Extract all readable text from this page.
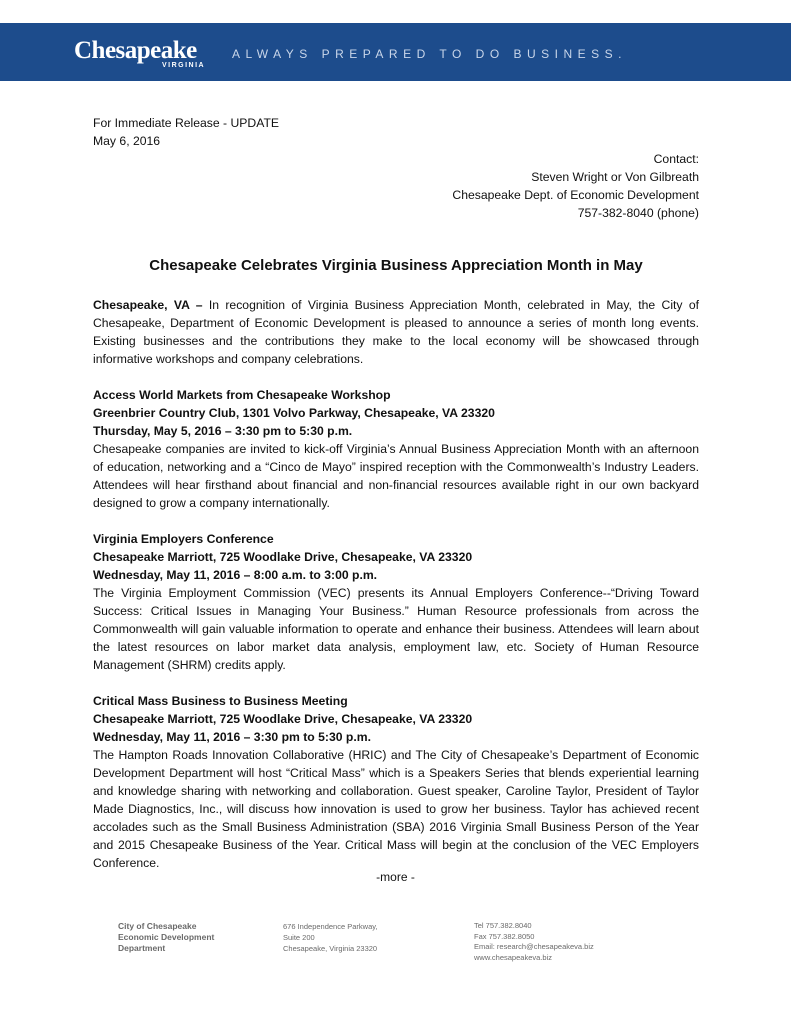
Chesapeake
VIRGINIA
ALWAYS PREPARED TO DO BUSINESS.

For Immediate Release - UPDATE

May 6, 2016

Contact:

Steven Wright or Von Gilbreath

Chesapeake Dept. of Economic Development

757-382-8040 (phone)

Chesapeake Celebrates Virginia Business Appreciation Month in May

Chesapeake, VA – In recognition of Virginia Business Appreciation Month, celebrated in May, the City of Chesapeake, Department of Economic Development is pleased to announce a series of month long events. Existing businesses and the contributions they make to the local economy will be showcased through informative workshops and company celebrations.

Access World Markets from Chesapeake Workshop

Greenbrier Country Club, 1301 Volvo Parkway, Chesapeake, VA 23320

Thursday, May 5, 2016 – 3:30 pm to 5:30 p.m.

Chesapeake companies are invited to kick-off Virginia’s Annual Business Appreciation Month with an afternoon of education, networking and a “Cinco de Mayo” inspired reception with the Commonwealth’s Industry Leaders. Attendees will hear firsthand about financial and non-financial resources available right in our own backyard designed to grow a company internationally.

Virginia Employers Conference

Chesapeake Marriott, 725 Woodlake Drive, Chesapeake, VA 23320

Wednesday, May 11, 2016 – 8:00 a.m. to 3:00 p.m.

The Virginia Employment Commission (VEC) presents its Annual Employers Conference--“Driving Toward Success: Critical Issues in Managing Your Business.” Human Resource professionals from across the Commonwealth will gain valuable information to operate and enhance their business. Attendees will learn about the latest resources on labor market data analysis, employment law, etc. Society of Human Resource Management (SHRM) credits apply.

Critical Mass Business to Business Meeting

Chesapeake Marriott, 725 Woodlake Drive, Chesapeake, VA 23320

Wednesday, May 11, 2016 – 3:30 pm to 5:30 p.m.

The Hampton Roads Innovation Collaborative (HRIC) and The City of Chesapeake’s Department of Economic Development Department will host “Critical Mass” which is a Speakers Series that blends experiential learning and knowledge sharing with networking and collaboration. Guest speaker, Caroline Taylor, President of Taylor Made Diagnostics, Inc., will discuss how innovation is used to grow her business. Taylor has achieved recent accolades such as the Small Business Administration (SBA) 2016 Virginia Small Business Person of the Year and 2015 Chesapeake Business of the Year. Critical Mass will begin at the conclusion of the VEC Employers Conference.

-more -
City of Chesapeake
Economic Development
Department
676 Independence Parkway,
Suite 200
Chesapeake, Virginia 23320
Tel 757.382.8040
Fax 757.382.8050
Email: research@chesapeakeva.biz
www.chesapeakeva.biz
